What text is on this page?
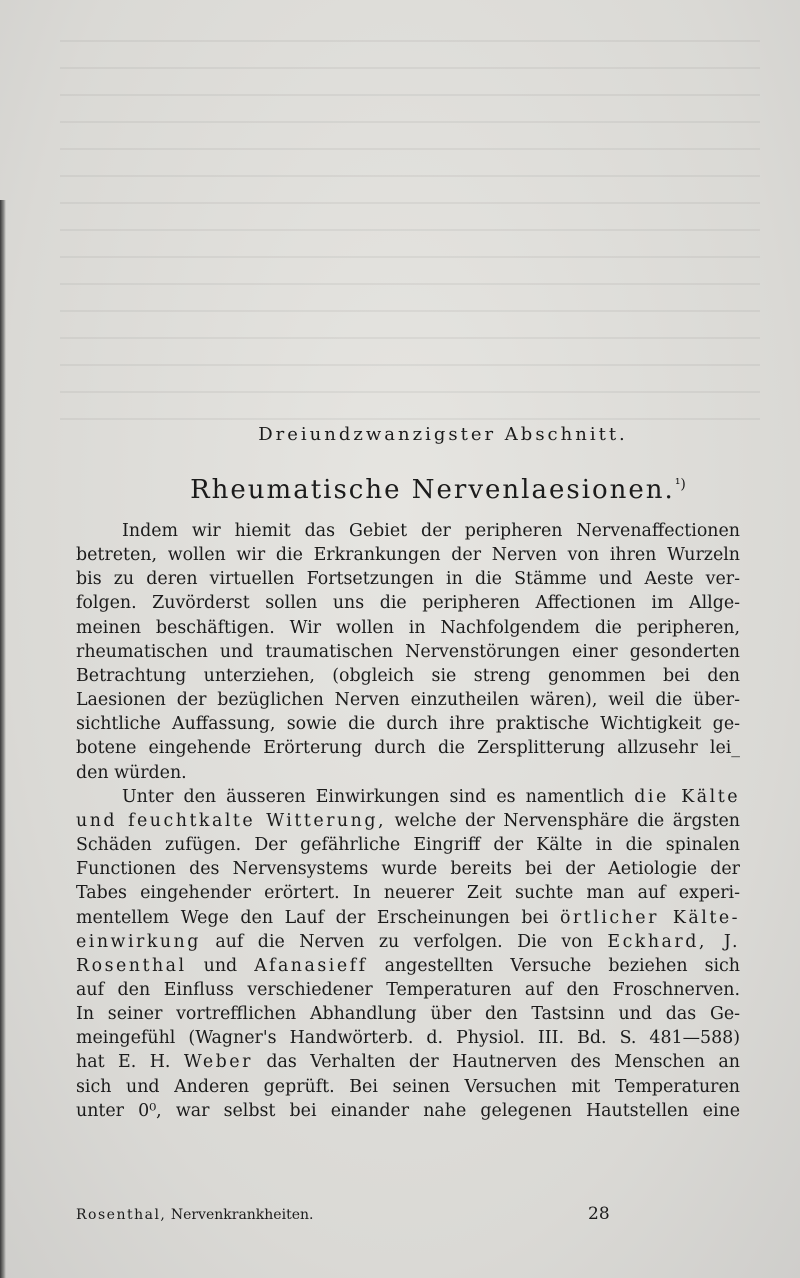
Dreiundzwanzigster Abschnitt.
Rheumatische Nervenlaesionen.$^{^1)}$

Indem wir hiemit das Gebiet der peripheren Nervenaffectionen
betreten, wollen wir die Erkrankungen der Nerven von ihren Wurzeln
bis zu deren virtuellen Fortsetzungen in die Stämme und Aeste ver-
folgen. Zuvörderst sollen uns die peripheren Affectionen im Allge-
meinen beschäftigen. Wir wollen in Nachfolgendem die peripheren,
rheumatischen und traumatischen Nervenstörungen einer gesonderten
Betrachtung unterziehen, (obgleich sie streng genommen bei den
Laesionen der bezüglichen Nerven einzutheilen wären), weil die über-
sichtliche Auffassung, sowie die durch ihre praktische Wichtigkeit ge-
botene eingehende Erörterung durch die Zersplitterung allzusehr lei_
den würden.

Unter den äusseren Einwirkungen sind es namentlich die Kälte
und feuchtkalte Witterung, welche der Nervensphäre die ärgsten
Schäden zufügen. Der gefährliche Eingriff der Kälte in die spinalen
Functionen des Nervensystems wurde bereits bei der Aetiologie der
Tabes eingehender erörtert. In neuerer Zeit suchte man auf experi-
mentellem Wege den Lauf der Erscheinungen bei örtlicher Kälte-
einwirkung auf die Nerven zu verfolgen. Die von Eckhard, J.
Rosenthal und Afanasieff angestellten Versuche beziehen sich
auf den Einfluss verschiedener Temperaturen auf den Froschnerven.
In seiner vortrefflichen Abhandlung über den Tastsinn und das Ge-
meingefühl (Wagner's Handwörterb. d. Physiol. III. Bd. S. 481—588)
hat E. H. Weber das Verhalten der Hautnerven des Menschen an
sich und Anderen geprüft. Bei seinen Versuchen mit Temperaturen
unter 0⁰, war selbst bei einander nahe gelegenen Hautstellen eine

Rosenthal, Nervenkrankheiten.	28
